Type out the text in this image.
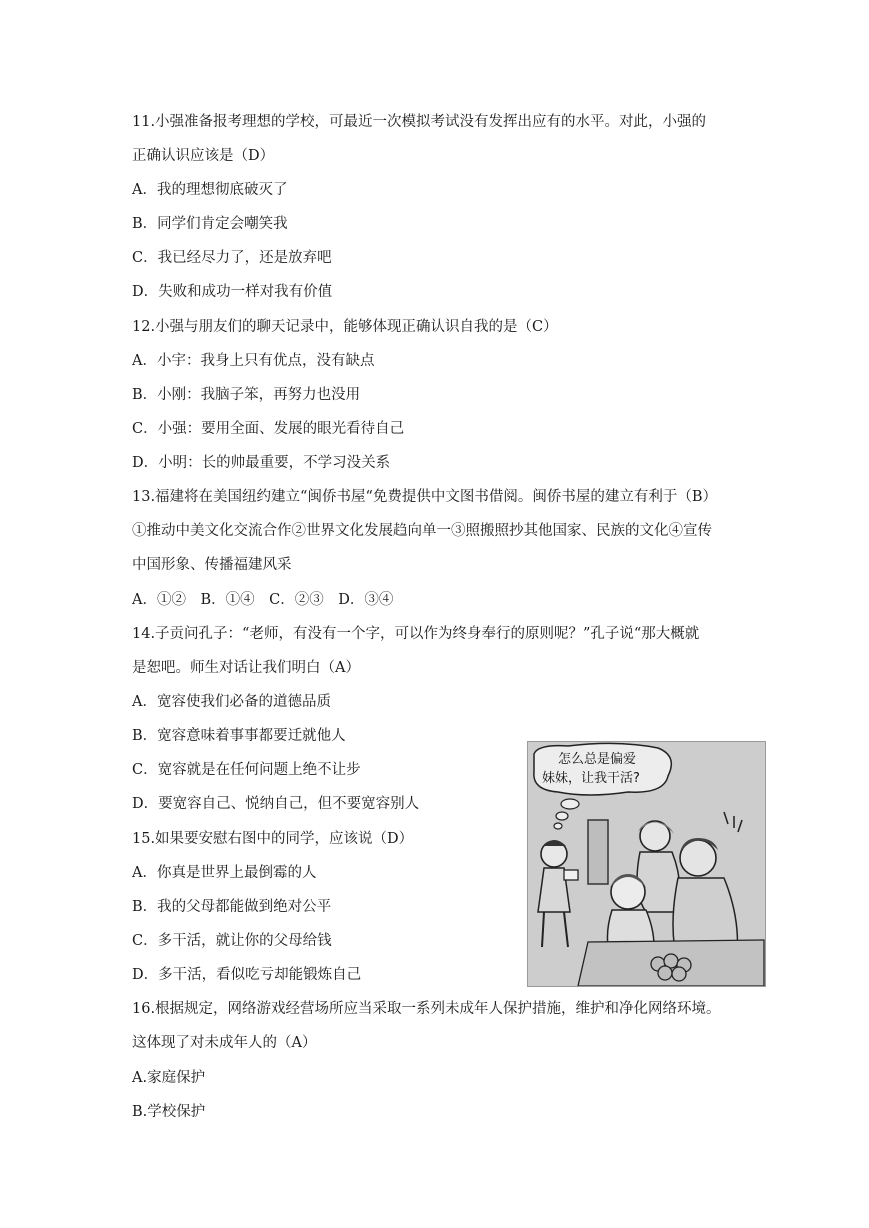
11.小强准备报考理想的学校，可最近一次模拟考试没有发挥出应有的水平。对此，小强的
正确认识应该是（D）
A．我的理想彻底破灭了
B．同学们肯定会嘲笑我
C．我已经尽力了，还是放弃吧
D．失败和成功一样对我有价值
12.小强与朋友们的聊天记录中，能够体现正确认识自我的是（C）
A．小宇：我身上只有优点，没有缺点
B．小刚：我脑子笨，再努力也没用
C．小强：要用全面、发展的眼光看待自己
D．小明：长的帅最重要，不学习没关系
13.福建将在美国纽约建立“闽侨书屋“免费提供中文图书借阅。闽侨书屋的建立有利于（B）
①推动中美文化交流合作②世界文化发展趋向单一③照搬照抄其他国家、民族的文化④宣传
中国形象、传播福建风采
A．①②　B．①④　C．②③　D．③④
14.子贡问孔子：“老师，有没有一个字，可以作为终身奉行的原则呢？”孔子说“那大概就
是恕吧。师生对话让我们明白（A）
A．宽容使我们必备的道德品质
B．宽容意味着事事都要迁就他人
C．宽容就是在任何问题上绝不让步
D．要宽容自己、悦纳自己，但不要宽容别人
15.如果要安慰右图中的同学，应该说（D）
A．你真是世界上最倒霉的人
B．我的父母都能做到绝对公平
C．多干活，就让你的父母给钱
D．多干活，看似吃亏却能锻炼自己
16.根据规定，网络游戏经营场所应当采取一系列未成年人保护措施，维护和净化网络环境。
这体现了对未成年人的（A）
A.家庭保护
B.学校保护
怎么总是偏爱
妹妹，让我干活?
